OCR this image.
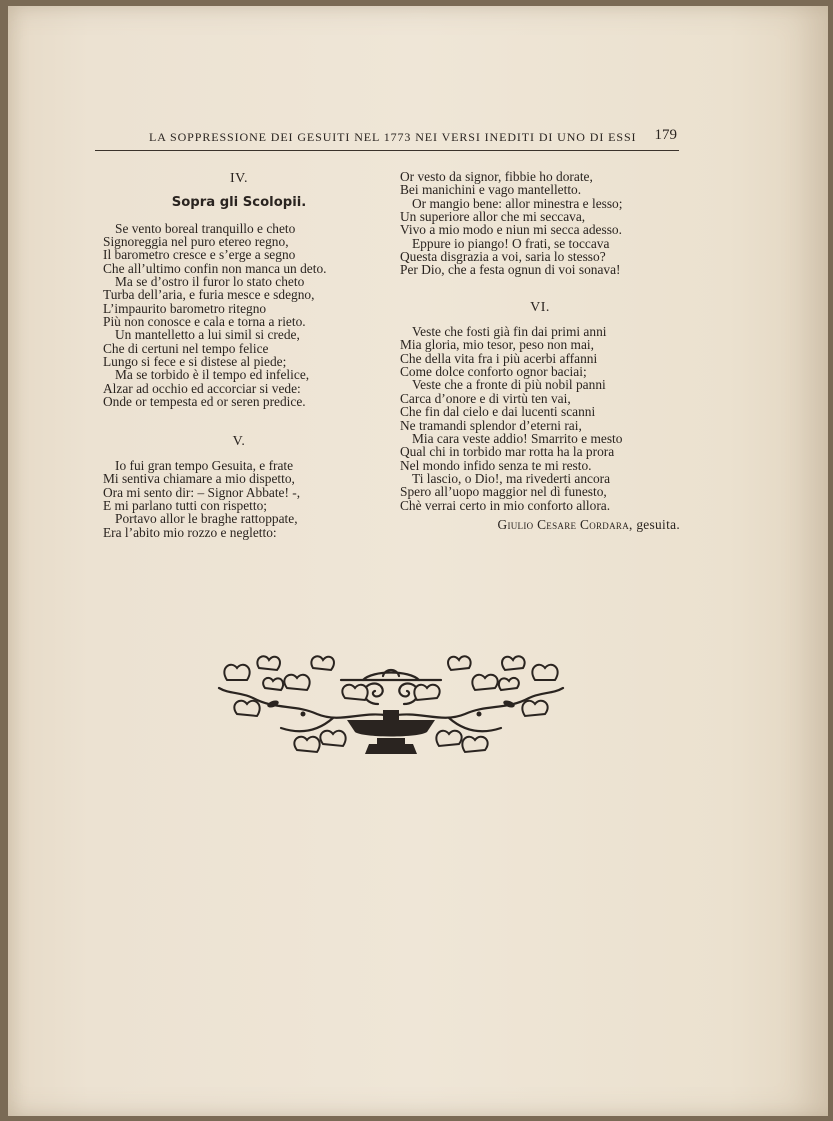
LA SOPPRESSIONE DEI GESUITI NEL 1773 NEI VERSI INEDITI DI UNO DI ESSI 179
IV.
Sopra gli Scolopii.
Se vento boreal tranquillo e cheto
Signoreggia nel puro etereo regno,
Il barometro cresce e s’erge a segno
Che all’ultimo confin non manca un deto.
Ma se d’ostro il furor lo stato cheto
Turba dell’aria, e furia mesce e sdegno,
L’impaurito barometro ritegno
Più non conosce e cala e torna a rieto.
Un mantelletto a lui simil si crede,
Che di certuni nel tempo felice
Lungo si fece e si distese al piede;
Ma se torbido è il tempo ed infelice,
Alzar ad occhio ed accorciar si vede:
Onde or tempesta ed or seren predice.
V.
Io fui gran tempo Gesuita, e frate
Mi sentiva chiamare a mio dispetto,
Ora mi sento dir: – Signor Abbate! -,
E mi parlano tutti con rispetto;
Portavo allor le braghe rattoppate,
Era l’abito mio rozzo e negletto:
Or vesto da signor, fibbie ho dorate,
Bei manichini e vago mantelletto.
Or mangio bene: allor minestra e lesso;
Un superiore allor che mi seccava,
Vivo a mio modo e niun mi secca adesso.
Eppure io piango! O frati, se toccava
Questa disgrazia a voi, saria lo stesso?
Per Dio, che a festa ognun di voi sonava!
VI.
Veste che fosti già fin dai primi anni
Mia gloria, mio tesor, peso non mai,
Che della vita fra i più acerbi affanni
Come dolce conforto ognor baciai;
Veste che a fronte di più nobil panni
Carca d’onore e di virtù ten vai,
Che fin dal cielo e dai lucenti scanni
Ne tramandi splendor d’eterni rai,
Mia cara veste addio! Smarrito e mesto
Qual chi in torbido mar rotta ha la prora
Nel mondo infido senza te mi resto.
Ti lascio, o Dio!, ma rivederti ancora
Spero all’uopo maggior nel dì funesto,
Chè verrai certo in mio conforto allora.
Giulio Cesare Cordara, gesuita.
